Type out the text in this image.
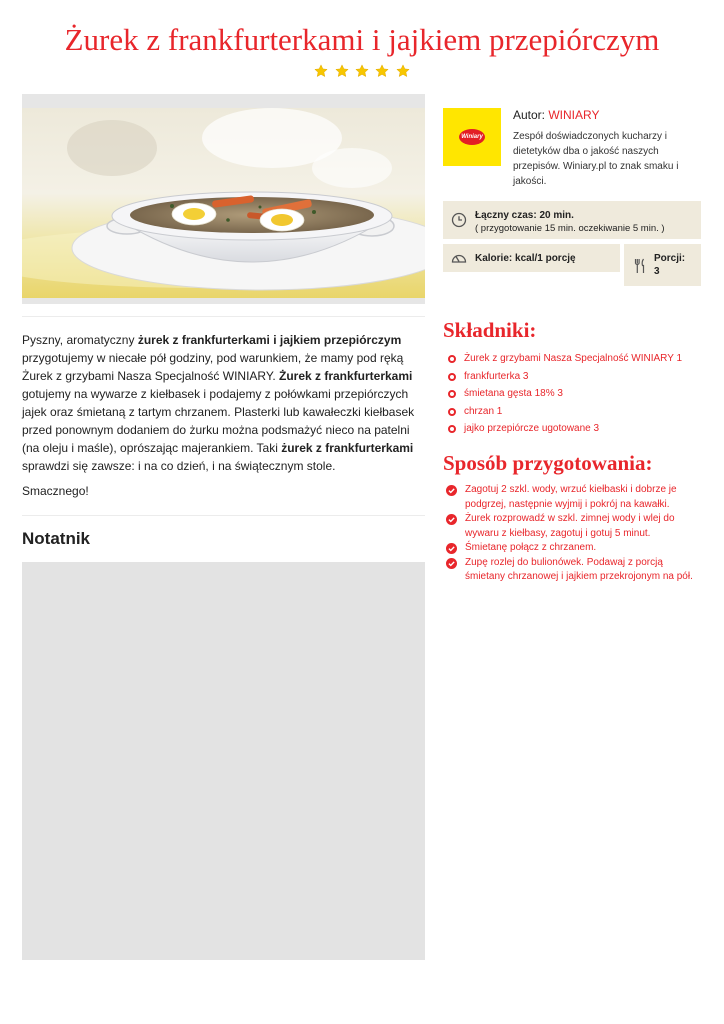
Żurek z frankfurterkami i jajkiem przepiórczym

Winiary
Autor: WINIARY
Zespół doświadczonych kucharzy i dietetyków dba o jakość naszych przepisów. Winiary.pl to znak smaku i jakości.
Łączny czas: 20 min.
( przygotowanie 15 min. oczekiwanie 5 min. )
Kalorie: kcal/1 porcję	Porcji:
3

Pyszny, aromatyczny żurek z frankfurterkami i jajkiem przepiórczym przygotujemy w niecałe pół godziny, pod warunkiem, że mamy pod ręką Żurek z grzybami Nasza Specjalność WINIARY. Żurek z frankfurterkami gotujemy na wywarze z kiełbasek i podajemy z połówkami przepiórczych jajek oraz śmietaną z tartym chrzanem. Plasterki lub kawałeczki kiełbasek przed ponownym dodaniem do żurku można podsmażyć nieco na patelni (na oleju i maśle), oprószając majerankiem. Taki żurek z frankfurterkami sprawdzi się zawsze: i na co dzień, i na świątecznym stole.

Smacznego!

Notatnik
Składniki:
Żurek z grzybami Nasza Specjalność WINIARY 1
frankfurterka 3
śmietana gęsta 18% 3
chrzan 1
jajko przepiórcze ugotowane 3
Sposób przygotowania:
Zagotuj 2 szkl. wody, wrzuć kiełbaski i dobrze je podgrzej, następnie wyjmij i pokrój na kawałki.
Żurek rozprowadź w szkl. zimnej wody i wlej do wywaru z kiełbasy, zagotuj i gotuj 5 minut.
Śmietanę połącz z chrzanem.
Zupę rozlej do bulionówek. Podawaj z porcją śmietany chrzanowej i jajkiem przekrojonym na pół.
